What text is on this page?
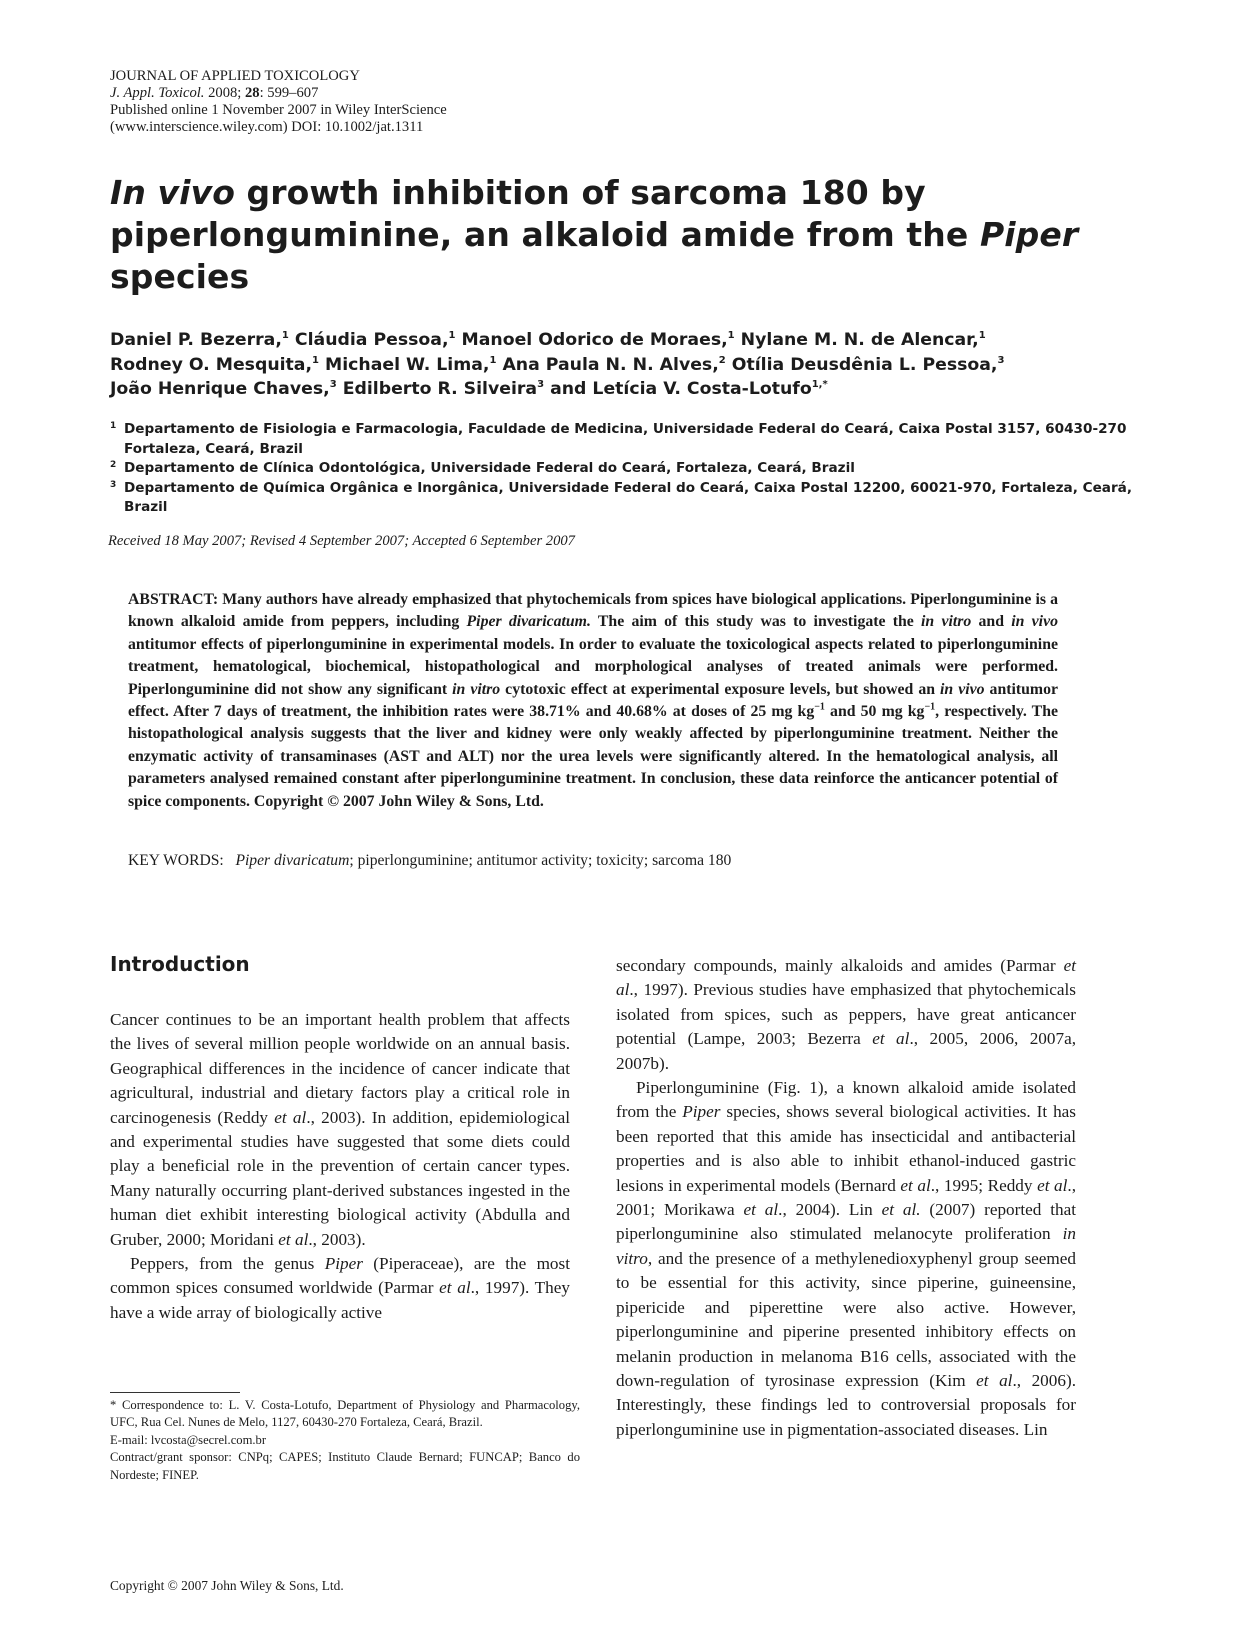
JOURNAL OF APPLIED TOXICOLOGY
J. Appl. Toxicol. 2008; 28: 599–607
Published online 1 November 2007 in Wiley InterScience
(www.interscience.wiley.com) DOI: 10.1002/jat.1311
In vivo growth inhibition of sarcoma 180 by piperlonguminine, an alkaloid amide from the Piper species
Daniel P. Bezerra,$^1$ Cláudia Pessoa,$^1$ Manoel Odorico de Moraes,$^1$ Nylane M. N. de Alencar,$^1$
Rodney O. Mesquita,$^1$ Michael W. Lima,$^1$ Ana Paula N. N. Alves,$^2$ Otília Deusdênia L. Pessoa,$^3$
João Henrique Chaves,$^3$ Edilberto R. Silveira$^3$ and Letícia V. Costa-Lotufo$^{1,*}$
1 Departamento de Fisiologia e Farmacologia, Faculdade de Medicina, Universidade Federal do Ceará, Caixa Postal 3157, 60430-270 Fortaleza, Ceará, Brazil
2 Departamento de Clínica Odontológica, Universidade Federal do Ceará, Fortaleza, Ceará, Brazil
3 Departamento de Química Orgânica e Inorgânica, Universidade Federal do Ceará, Caixa Postal 12200, 60021-970, Fortaleza, Ceará, Brazil
Received 18 May 2007; Revised 4 September 2007; Accepted 6 September 2007

ABSTRACT: Many authors have already emphasized that phytochemicals from spices have biological applications. Piperlonguminine is a known alkaloid amide from peppers, including Piper divaricatum. The aim of this study was to investigate the in vitro and in vivo antitumor effects of piperlonguminine in experimental models. In order to evaluate the toxicological aspects related to piperlonguminine treatment, hematological, biochemical, histopathological and morphological analyses of treated animals were performed. Piperlonguminine did not show any significant in vitro cytotoxic effect at experimental exposure levels, but showed an in vivo antitumor effect. After 7 days of treatment, the inhibition rates were 38.71% and 40.68% at doses of 25 mg $kg^{-1}$ and 50 mg $kg^{-1}$, respectively. The histopathological analysis suggests that the liver and kidney were only weakly affected by piperlonguminine treatment. Neither the enzymatic activity of transaminases (AST and ALT) nor the urea levels were significantly altered. In the hematological analysis, all parameters analysed remained constant after piperlonguminine treatment. In conclusion, these data reinforce the anticancer potential of spice components. Copyright © 2007 John Wiley & Sons, Ltd.

KEY WORDS: Piper divaricatum; piperlonguminine; antitumor activity; toxicity; sarcoma 180
Introduction

Cancer continues to be an important health problem that affects the lives of several million people worldwide on an annual basis. Geographical differences in the incidence of cancer indicate that agricultural, industrial and dietary factors play a critical role in carcinogenesis (Reddy et al., 2003). In addition, epidemiological and experimental studies have suggested that some diets could play a beneficial role in the prevention of certain cancer types. Many naturally occurring plant-derived substances ingested in the human diet exhibit interesting biological activity (Abdulla and Gruber, 2000; Moridani et al., 2003).

Peppers, from the genus Piper (Piperaceae), are the most common spices consumed worldwide (Parmar et al., 1997). They have a wide array of biologically active

secondary compounds, mainly alkaloids and amides (Parmar et al., 1997). Previous studies have emphasized that phytochemicals isolated from spices, such as peppers, have great anticancer potential (Lampe, 2003; Bezerra et al., 2005, 2006, 2007a, 2007b).

Piperlonguminine (Fig. 1), a known alkaloid amide isolated from the Piper species, shows several biological activities. It has been reported that this amide has insecticidal and antibacterial properties and is also able to inhibit ethanol-induced gastric lesions in experimental models (Bernard et al., 1995; Reddy et al., 2001; Morikawa et al., 2004). Lin et al. (2007) reported that piperlonguminine also stimulated melanocyte proliferation in vitro, and the presence of a methylenedioxyphenyl group seemed to be essential for this activity, since piperine, guineensine, pipericide and piperettine were also active. However, piperlonguminine and piperine presented inhibitory effects on melanin production in melanoma B16 cells, associated with the down-regulation of tyrosinase expression (Kim et al., 2006). Interestingly, these findings led to controversial proposals for piperlonguminine use in pigmentation-associated diseases. Lin

* Correspondence to: L. V. Costa-Lotufo, Department of Physiology and Pharmacology, UFC, Rua Cel. Nunes de Melo, 1127, 60430-270 Fortaleza, Ceará, Brazil.
E-mail: lvcosta@secrel.com.br
Contract/grant sponsor: CNPq; CAPES; Instituto Claude Bernard; FUNCAP; Banco do Nordeste; FINEP.
Copyright © 2007 John Wiley & Sons, Ltd.
